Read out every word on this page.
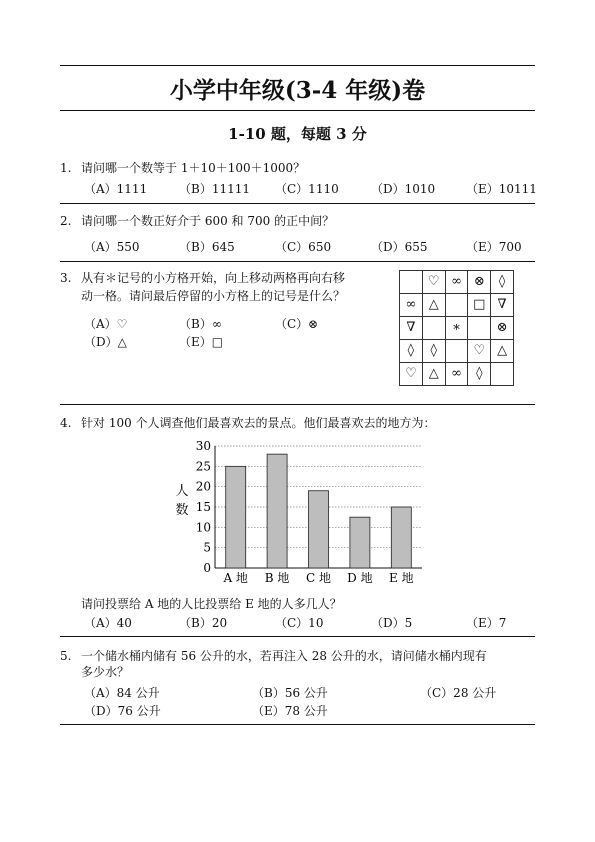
小学中年级(3-4 年级)卷
1-10 题，每题 3 分
1. 请问哪一个数等于 1＋10＋100＋1000？
（A）1111	（B）11111 （C）1110	（D）1010	（E）10111
2. 请问哪一个数正好介于 600 和 700 的正中间？
（A）550	（B）645	（C）650	（D）655	（E）700
3. 从有＊记号的小方格开始，向上移动两格再向右移
动一格。请问最后停留的小方格上的记号是什么？
（A）♡	（B）∞	（C）⊗
（D）△	（E）□
	♡	∞	⊗	◊
∞	△		□	∇
∇		∗		⊗
◊	◊		♡	△
♡	△	∞	◊	
4. 针对 100 个人调查他们最喜欢去的景点。他们最喜欢去的地方为：
0
5
10
15
20
25
30
A 地 B 地 C 地 D 地 E 地
人
数
请问投票给 A 地的人比投票给 E 地的人多几人？
（A）40	（B）20	（C）10	（D）5	（E）7
5. 一个储水桶内储有 56 公升的水，若再注入 28 公升的水，请问储水桶内现有
多少水？
（A）84 公升	（B）56 公升	（C）28 公升
（D）76 公升	（E）78 公升
